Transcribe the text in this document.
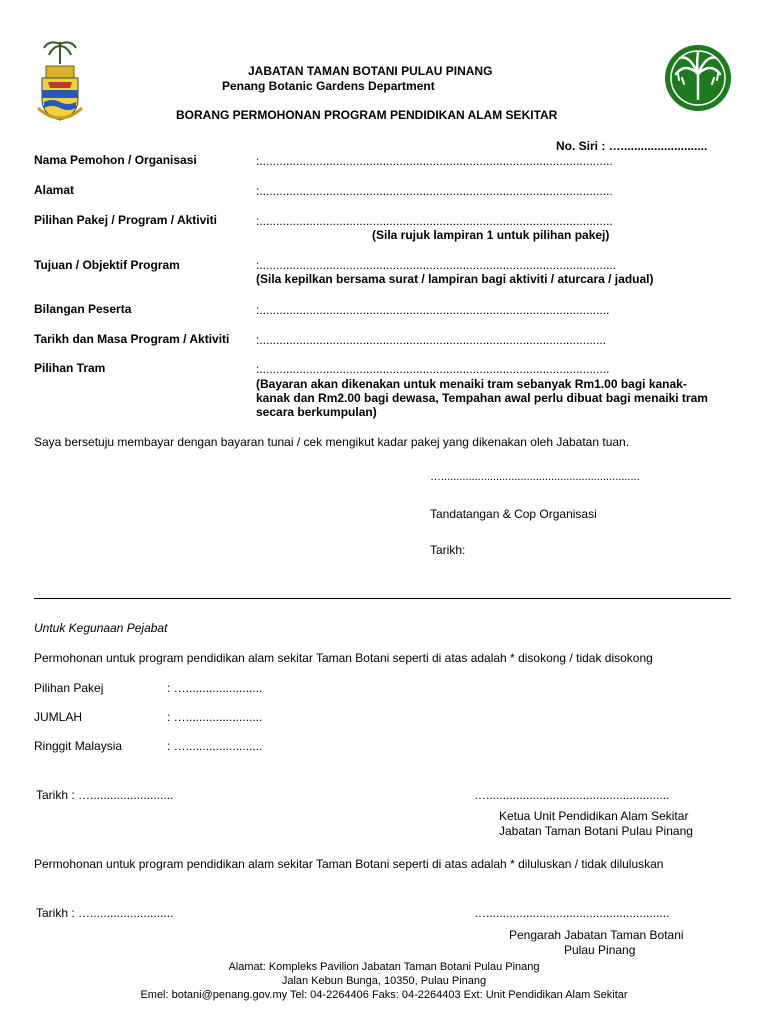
JABATAN TAMAN BOTANI PULAU PINANG
Penang Botanic Gardens Department
BORANG PERMOHONAN PROGRAM PENDIDIKAN ALAM SEKITAR
No. Siri : …..........................
Nama Pemohon / Organisasi	:..........................................................................................................
Alamat	:..........................................................................................................
Pilihan Pakej / Program / Aktiviti	:..........................................................................................................
(Sila rujuk lampiran 1 untuk pilihan pakej)
Tujuan / Objektif Program	:...........................................................................................................
(Sila kepilkan bersama surat / lampiran bagi aktiviti / aturcara / jadual)
Bilangan Peserta	:.........................................................................................................
Tarikh dan Masa Program / Aktiviti :........................................................................................................
Pilihan Tram	:.........................................................................................................
(Bayaran akan dikenakan untuk menaiki tram sebanyak Rm1.00 bagi kanak-
kanak dan Rm2.00 bagi dewasa, Tempahan awal perlu dibuat bagi menaiki tram
secara berkumpulan)
Saya bersetuju membayar dengan bayaran tunai / cek mengikut kadar pakej yang dikenakan oleh Jabatan tuan.
….................................................................
Tandatangan & Cop Organisasi
Tarikh:
Untuk Kegunaan Pejabat
Permohonan untuk program pendidikan alam sekitar Taman Botani seperti di atas adalah * disokong / tidak disokong
Pilihan Pakej	: ….......................
JUMLAH	: ….......................
Ringgit Malaysia	: ….......................
Tarikh : ….........................	….......................................................
Ketua Unit Pendidikan Alam Sekitar
Jabatan Taman Botani Pulau Pinang
Permohonan untuk program pendidikan alam sekitar Taman Botani seperti di atas adalah * diluluskan / tidak diluluskan
Tarikh : ….........................	….......................................................
Pengarah Jabatan Taman Botani
Pulau Pinang
Alamat: Kompleks Pavilion Jabatan Taman Botani Pulau Pinang
Jalan Kebun Bunga, 10350, Pulau Pinang
Emel: botani@penang.gov.my Tel: 04-2264406 Faks: 04-2264403 Ext: Unit Pendidikan Alam Sekitar
